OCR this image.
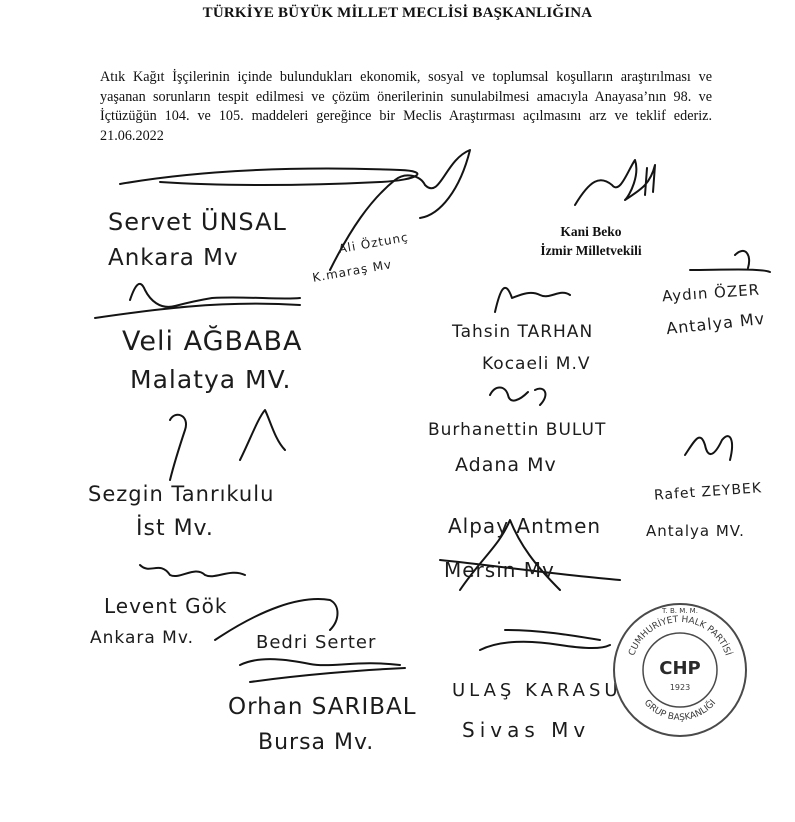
TÜRKİYE BÜYÜK MİLLET MECLİSİ BAŞKANLIĞINA
Atık Kağıt İşçilerinin içinde bulundukları ekonomik, sosyal ve toplumsal koşulların araştırılması ve yaşanan sorunların tespit edilmesi ve çözüm önerilerinin sunulabilmesi amacıyla Anayasa’nın 98. ve İçtüzüğün 104. ve 105. maddeleri gereğince bir Meclis Araştırması açılmasını arz ve teklif ederiz. 21.06.2022
Kani Beko
İzmir Milletvekili
Servet ÜNSAL
Ankara Mv
Ali Öztunç
K.maraş Mv
Veli AĞBABA
Malatya MV.
Tahsin TARHAN
Kocaeli M.V
Aydın ÖZER
Antalya Mv
Burhanettin BULUT
Adana Mv
Sezgin Tanrıkulu
İst Mv.
Rafet ZEYBEK
Antalya MV.
Alpay Antmen
Mersin Mv
Levent Gök
Ankara Mv.	Bedri Serter
Orhan SARIBAL
Bursa Mv.
ULAŞ KARASU
Sivas Mv
CUMHURİYET HALK PARTİSİ
GRUP BAŞKANLIĞI
T. B. M. M.
CHP
1923
